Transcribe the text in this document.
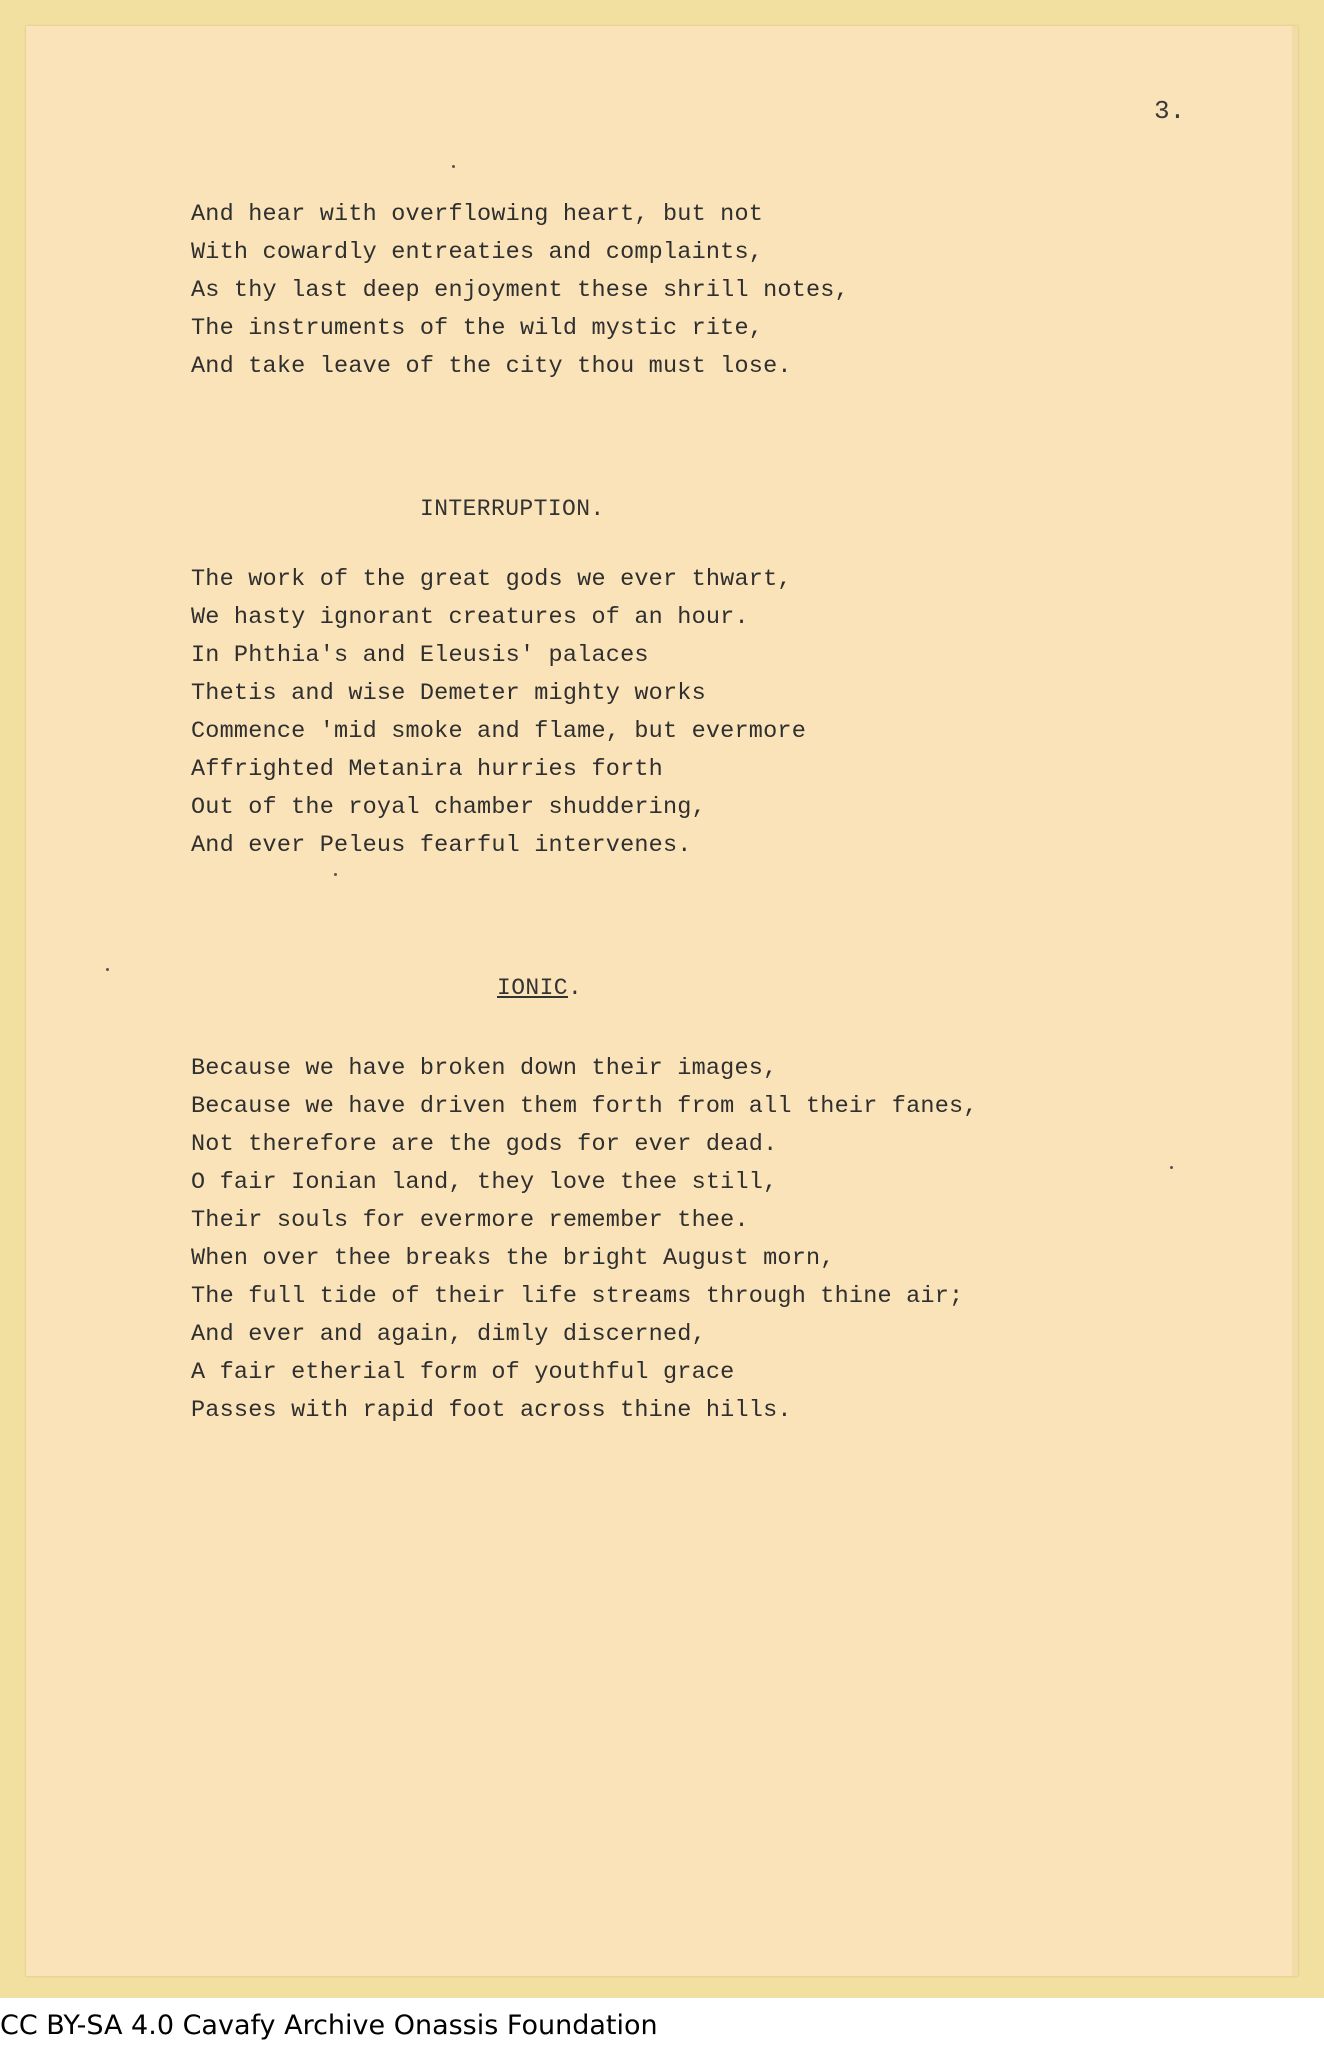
3.

And hear with overflowing heart, but not
With cowardly entreaties and complaints,
As thy last deep enjoyment these shrill notes,
The instruments of the wild mystic rite,
And take leave of the city thou must lose.
INTERRUPTION.
The work of the great gods we ever thwart,
We hasty ignorant creatures of an hour.
In Phthia's and Eleusis' palaces
Thetis and wise Demeter mighty works
Commence 'mid smoke and flame, but evermore
Affrighted Metanira hurries forth
Out of the royal chamber shuddering,
And ever Peleus fearful intervenes.
IONIC.
Because we have broken down their images,
Because we have driven them forth from all their fanes,
Not therefore are the gods for ever dead.
O fair Ionian land, they love thee still,
Their souls for evermore remember thee.
When over thee breaks the bright August morn,
The full tide of their life streams through thine air;
And ever and again, dimly discerned,
A fair etherial form of youthful grace
Passes with rapid foot across thine hills.

CC BY-SA 4.0 Cavafy Archive Onassis Foundation
